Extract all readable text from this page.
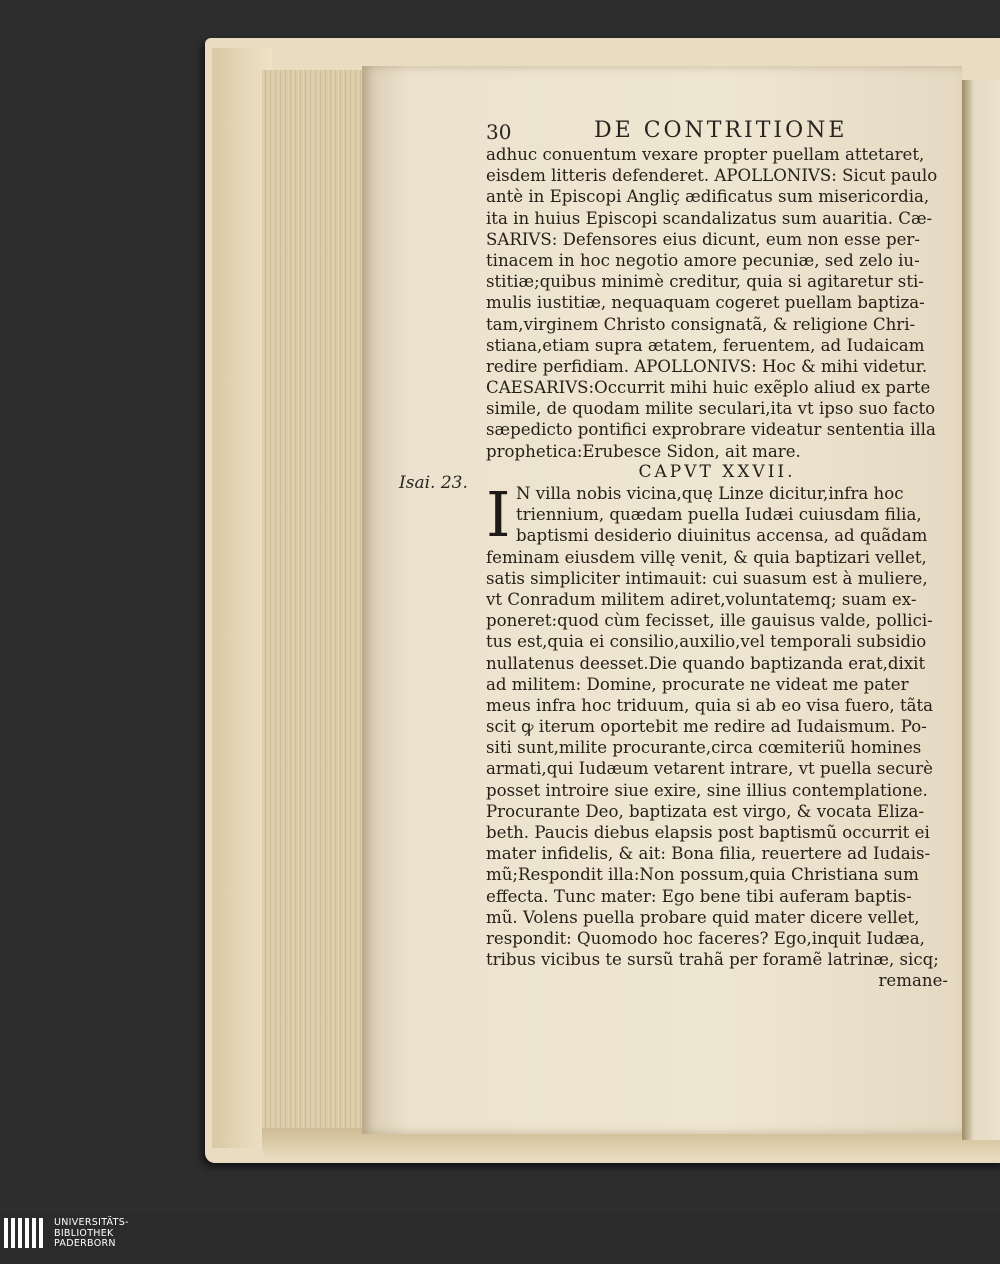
30	DE CONTRITIONE
Isai. 23.
adhuc conuentum vexare propter puellam attetaret,
eisdem litteris defenderet. APOLLONIVS: Sicut paulo
antè in Episcopi Angliç ædificatus sum misericordia,
ita in huius Episcopi scandalizatus sum auaritia. Cæ-
SARIVS: Defensores eius dicunt, eum non esse per-
tinacem in hoc negotio amore pecuniæ, sed zelo iu-
stitiæ;quibus minimè creditur, quia si agitaretur sti-
mulis iustitiæ, nequaquam cogeret puellam baptiza-
tam,virginem Christo consignatã, & religione Chri-
stiana,etiam supra ætatem, feruentem, ad Iudaicam
redire perfidiam. APOLLONIVS: Hoc & mihi videtur.
CAESARIVS:Occurrit mihi huic exẽplo aliud ex parte
simile, de quodam milite seculari,ita vt ipso suo facto
sæpedicto pontifici exprobrare videatur sententia illa
prophetica:Erubesce Sidon, ait mare.
CAPVT XXVII.
I N villa nobis vicina,quę Linze dicitur,infra hoc
triennium, quædam puella Iudæi cuiusdam filia,
baptismi desiderio diuinitus accensa, ad quãdam
feminam eiusdem villę venit, & quia baptizari vellet,
satis simpliciter intimauit: cui suasum est à muliere,
vt Conradum militem adiret,voluntatemq; suam ex-
poneret:quod cùm fecisset, ille gauisus valde, pollici-
tus est,quia ei consilio,auxilio,vel temporali subsidio
nullatenus deesset.Die quando baptizanda erat,dixit
ad militem: Domine, procurate ne videat me pater
meus infra hoc triduum, quia si ab eo visa fuero, tãta
scit ꝙ iterum oportebit me redire ad Iudaismum. Po-
siti sunt,milite procurante,circa cœmiteriũ homines
armati,qui Iudæum vetarent intrare, vt puella securè
posset introire siue exire, sine illius contemplatione.
Procurante Deo, baptizata est virgo, & vocata Eliza-
beth. Paucis diebus elapsis post baptismũ occurrit ei
mater infidelis, & ait: Bona filia, reuertere ad Iudais-
mũ;Respondit illa:Non possum,quia Christiana sum
effecta. Tunc mater: Ego bene tibi auferam baptis-
mũ. Volens puella probare quid mater dicere vellet,
respondit: Quomodo hoc faceres? Ego,inquit Iudæa,
tribus vicibus te sursũ trahã per foramẽ latrinæ, sicq;
remane-
UNIVERSITÄTS-
BIBLIOTHEK
PADERBORN
